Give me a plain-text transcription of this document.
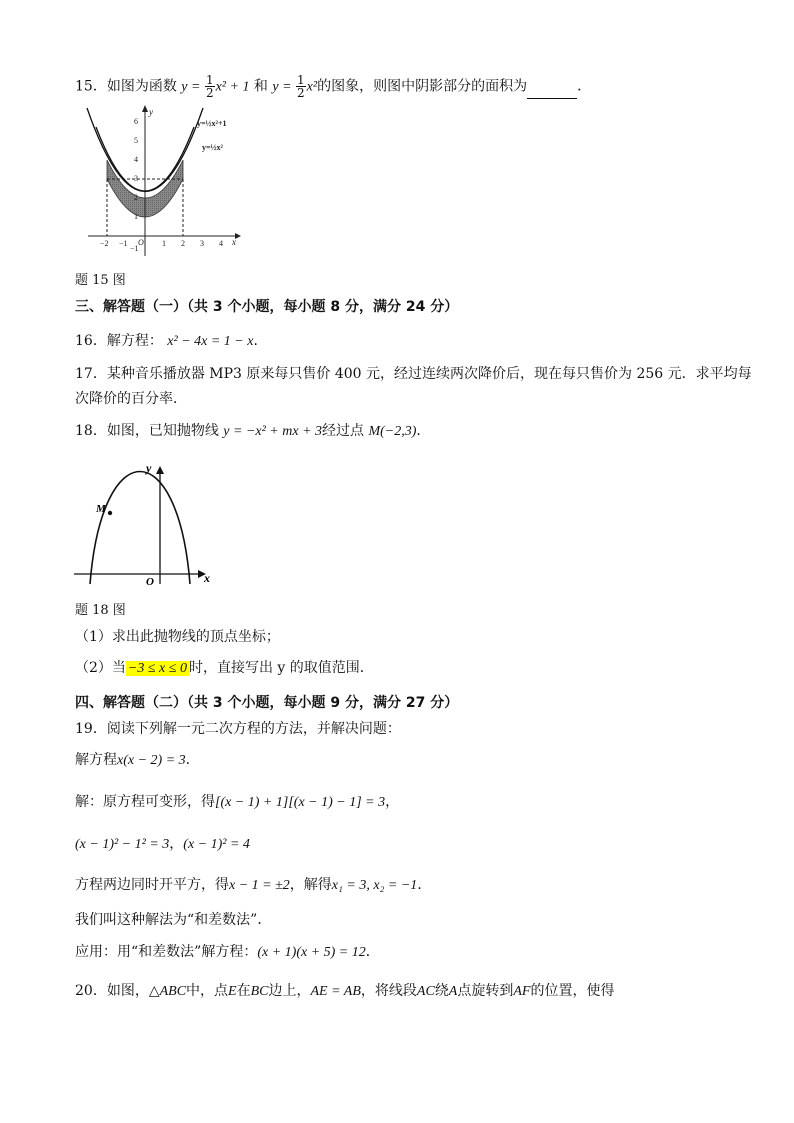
15．如图为函数 $y = \frac{1}{2} x^2 + 1$ 和 $y = \frac{1}{2} x^2$的图象，则图中阴影部分的面积为	．
6
5
4
3
2
1
−1
−2 −1	1 2 3 4
O	x
y
y=½x²+1
y=½x²
题 15 图
三、解答题（一）（共 3 个小题，每小题 8 分，满分 24 分）
16．解方程： x² − 4x = 1 − x．
17．某种音乐播放器 MP3 原来每只售价 400 元，经过连续两次降价后，现在每只售价为 256 元．求平均每
次降价的百分率．
18．如图，已知抛物线 y = −x² + mx + 3经过点 M(−2,3)．
M
O	x
y
题 18 图
（1）求出此抛物线的顶点坐标；
（2）当 −3 ≤ x ≤ 0 时，直接写出 y 的取值范围．
四、解答题（二）（共 3 个小题，每小题 9 分，满分 27 分）
19．阅读下列解一元二次方程的方法，并解决问题：
解方程x(x − 2) = 3．
解：原方程可变形，得[(x − 1) + 1][(x − 1) − 1] = 3，
(x − 1)² − 1² = 3，(x − 1)² = 4
方程两边同时开平方，得x − 1 = ±2，解得x₁ = 3, x₂ = −1．
我们叫这种解法为“和差数法”．
应用：用“和差数法”解方程：(x + 1)(x + 5) = 12．
20．如图，△ABC中，点E在BC边上，AE = AB，将线段AC绕A点旋转到AF的位置，使得
